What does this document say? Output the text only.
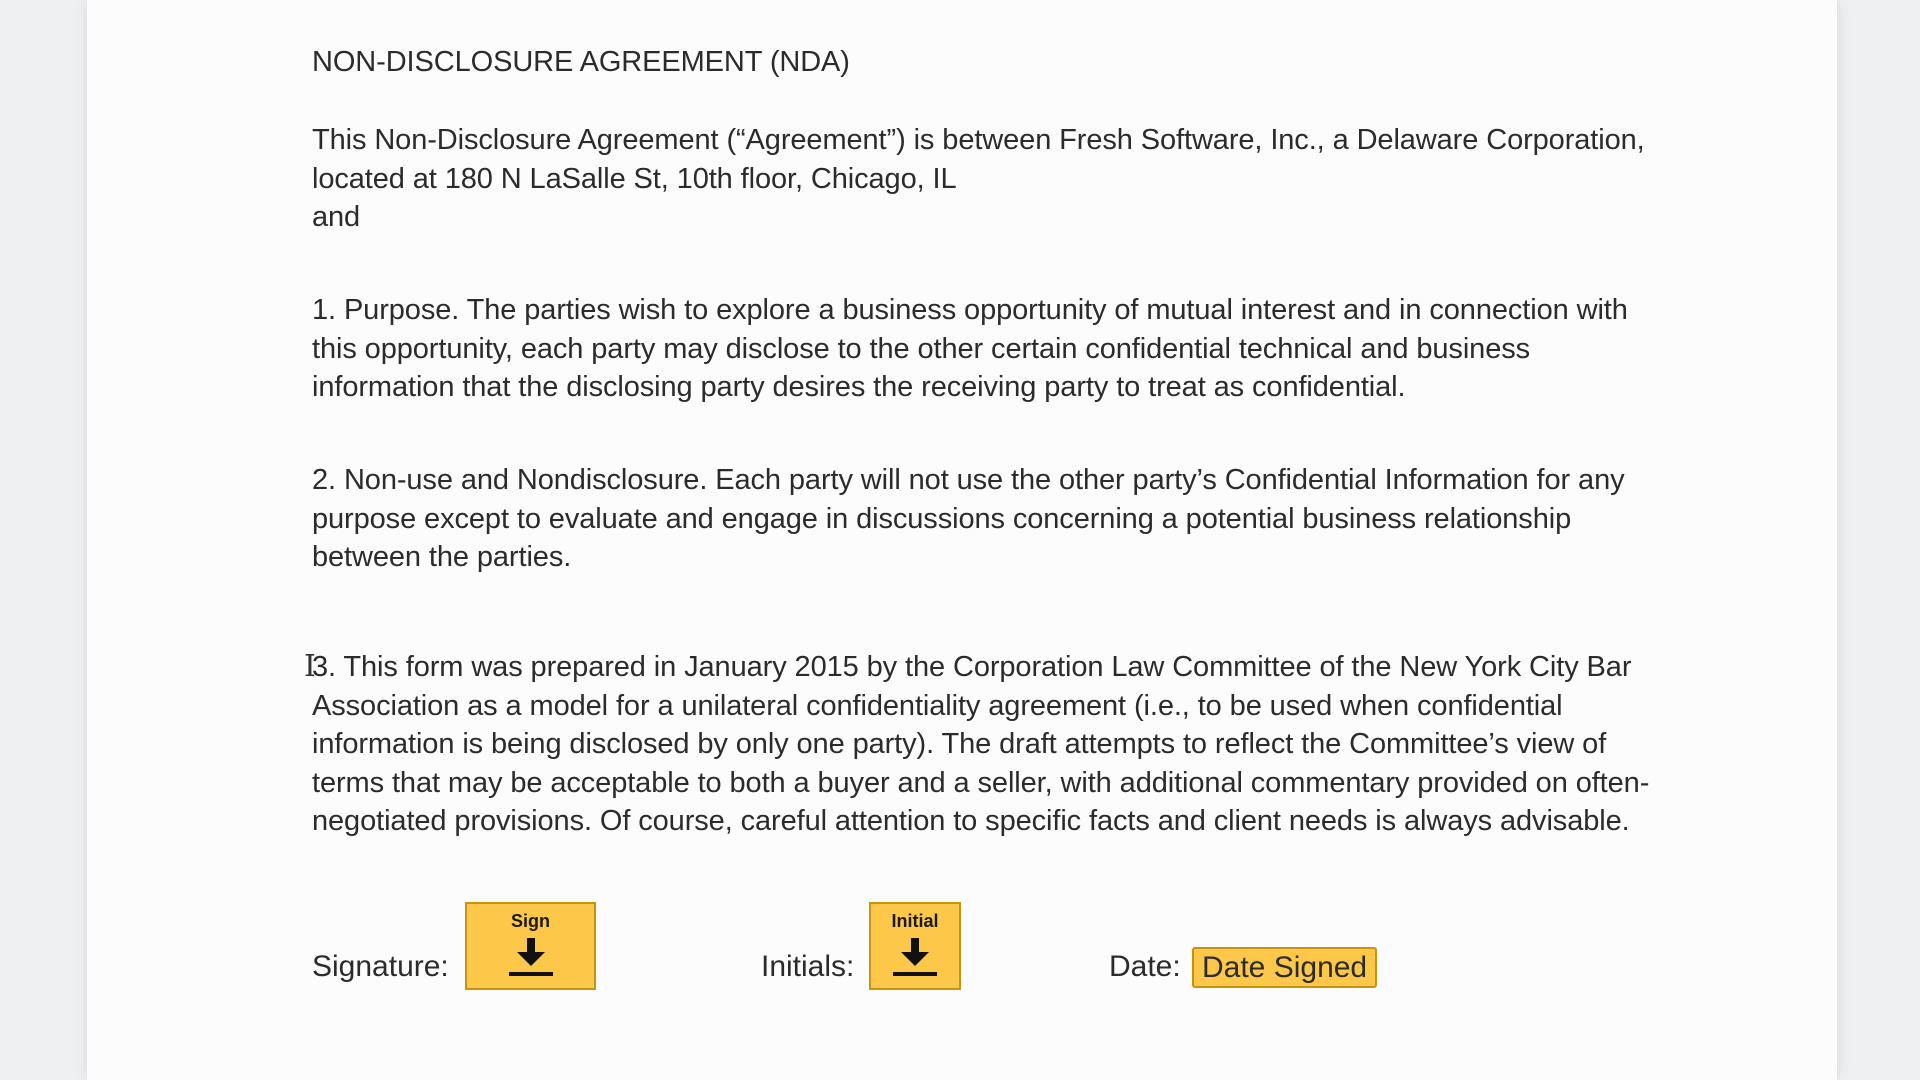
NON-DISCLOSURE AGREEMENT (NDA)

This Non-Disclosure Agreement (“Agreement”) is between Fresh Software, Inc., a Delaware Corporation,
located at 180 N LaSalle St, 10th floor, Chicago, IL
and

1. Purpose. The parties wish to explore a business opportunity of mutual interest and in connection with
this opportunity, each party may disclose to the other certain confidential technical and business
information that the disclosing party desires the receiving party to treat as confidential.

2. Non-use and Nondisclosure. Each party will not use the other party’s Confidential Information for any
purpose except to evaluate and engage in discussions concerning a potential business relationship
between the parties.

3. This form was prepared in January 2015 by the Corporation Law Committee of the New York City Bar
Association as a model for a unilateral confidentiality agreement (i.e., to be used when confidential
information is being disclosed by only one party). The draft attempts to reflect the Committee’s view of
terms that may be acceptable to both a buyer and a seller, with additional commentary provided on often-
negotiated provisions. Of course, careful attention to specific facts and client needs is always advisable.

I
Signature:
Sign
Initials:
Initial
Date: Date Signed
